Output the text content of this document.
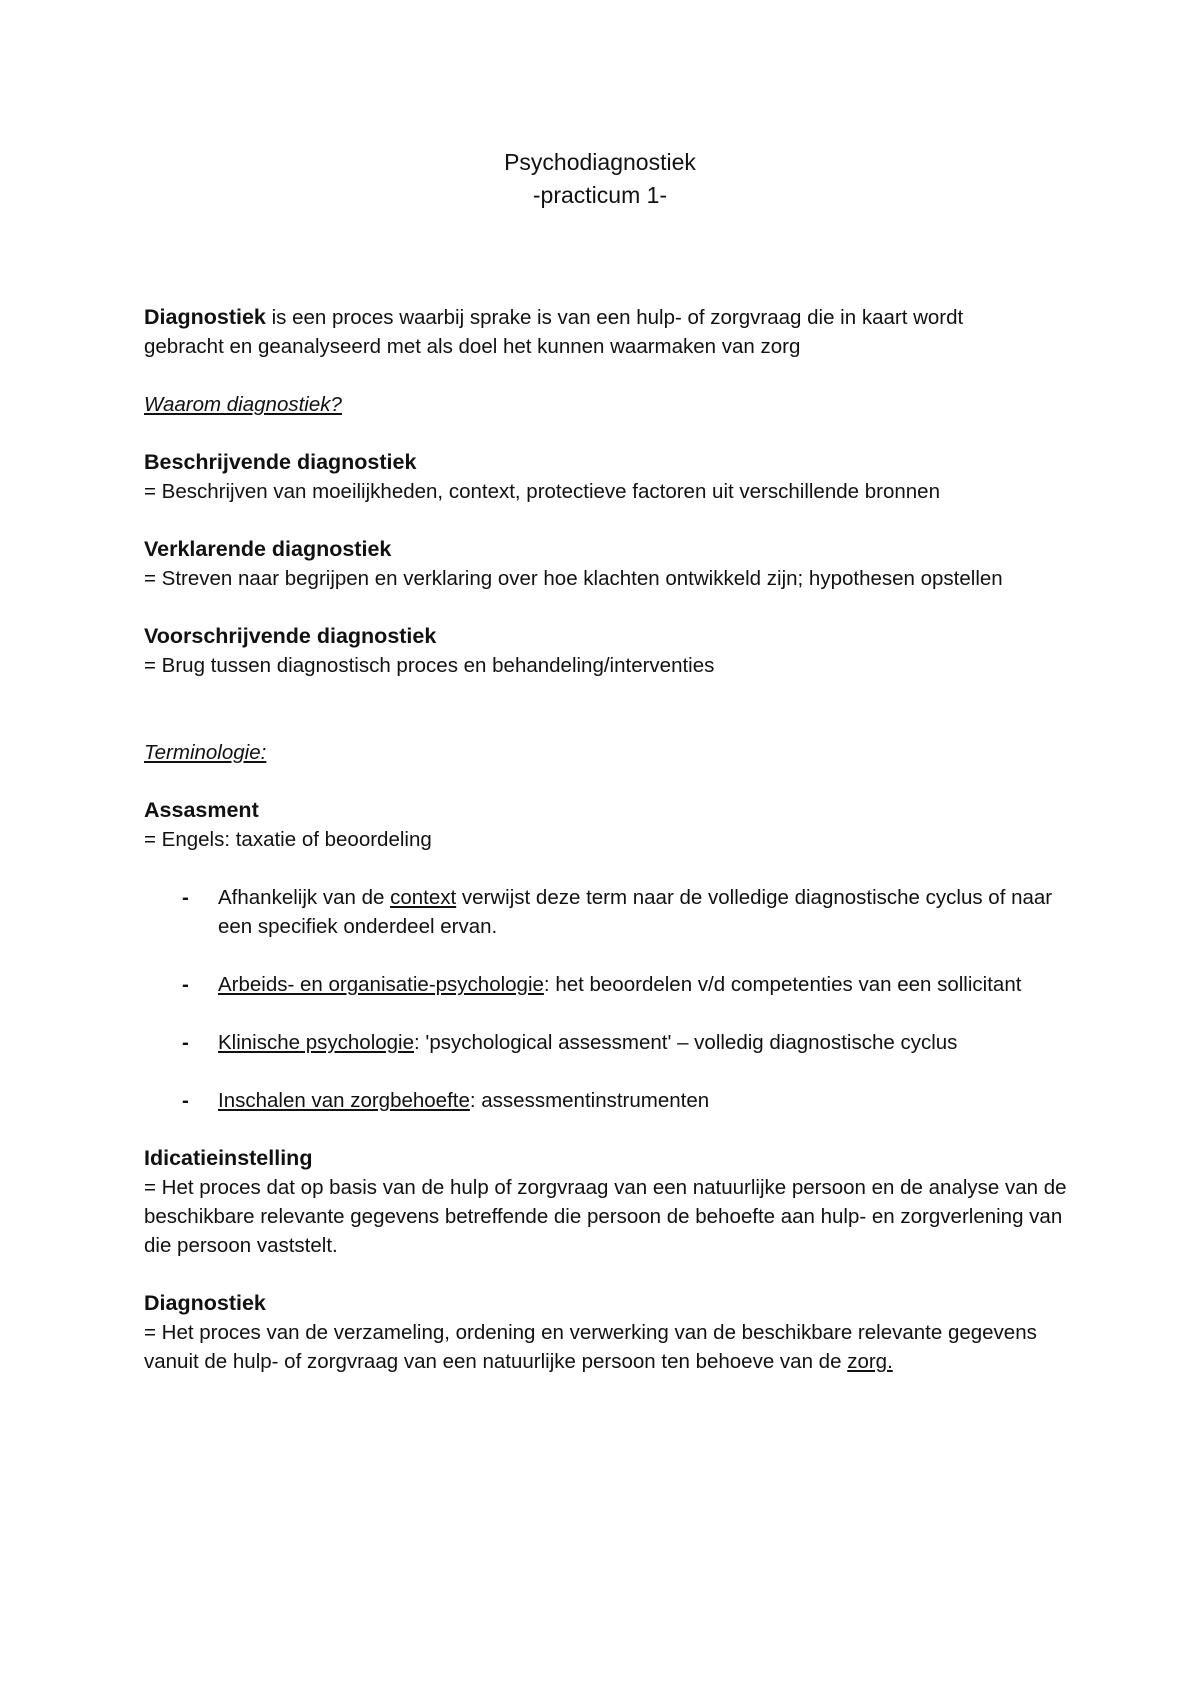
Psychodiagnostiek

-practicum 1-

Diagnostiek is een proces waarbij sprake is van een hulp- of zorgvraag die in kaart wordt
gebracht en geanalyseerd met als doel het kunnen waarmaken van zorg

Waarom diagnostiek?

Beschrijvende diagnostiek

= Beschrijven van moeilijkheden, context, protectieve factoren uit verschillende bronnen

Verklarende diagnostiek

= Streven naar begrijpen en verklaring over hoe klachten ontwikkeld zijn; hypothesen opstellen

Voorschrijvende diagnostiek

= Brug tussen diagnostisch proces en behandeling/interventies

Terminologie:

Assasment

= Engels: taxatie of beoordeling

- Afhankelijk van de context verwijst deze term naar de volledige diagnostische cyclus of naar een specifiek onderdeel ervan.
- Arbeids- en organisatie-psychologie: het beoordelen v/d competenties van een sollicitant
- Klinische psychologie: 'psychological assessment' – volledig diagnostische cyclus
- Inschalen van zorgbehoefte: assessmentinstrumenten

Idicatieinstelling

= Het proces dat op basis van de hulp of zorgvraag van een natuurlijke persoon en de analyse van de beschikbare relevante gegevens betreffende die persoon de behoefte aan hulp- en zorgverlening van die persoon vaststelt.

Diagnostiek

= Het proces van de verzameling, ordening en verwerking van de beschikbare relevante gegevens vanuit de hulp- of zorgvraag van een natuurlijke persoon ten behoeve van de zorg.
